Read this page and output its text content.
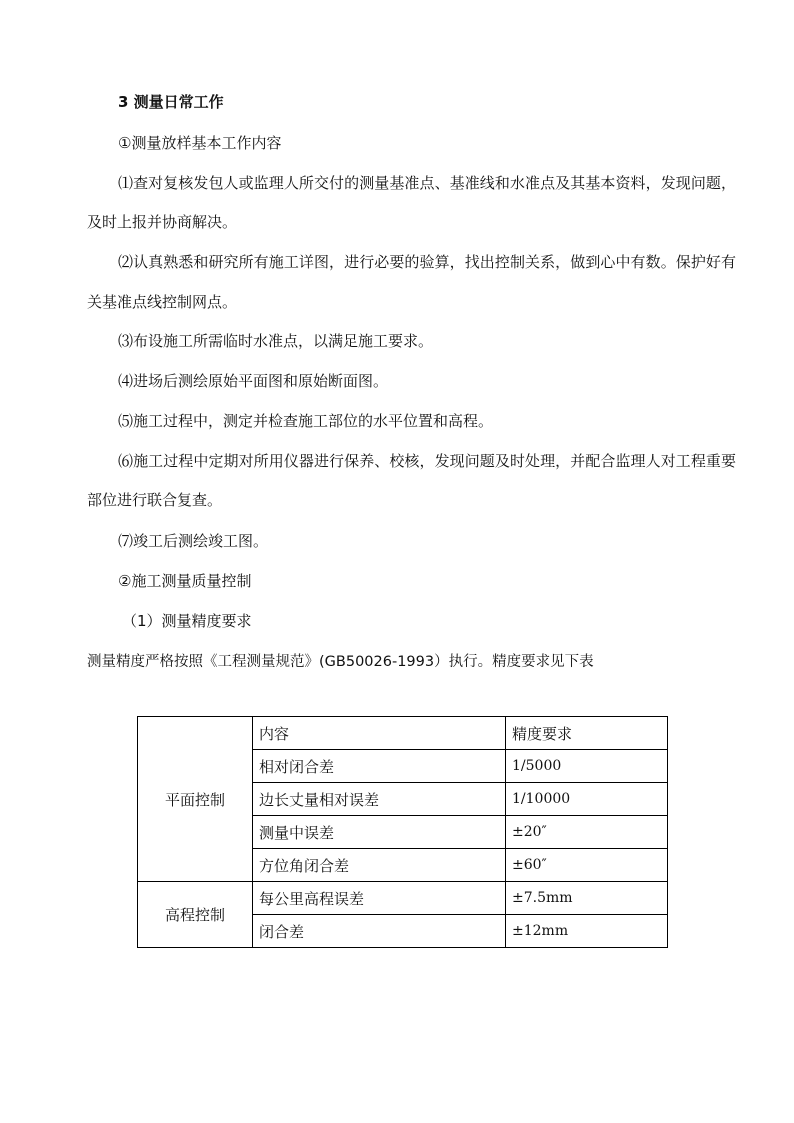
3 测量日常工作
①测量放样基本工作内容
⑴查对复核发包人或监理人所交付的测量基准点、基准线和水准点及其基本资料，发现问题，
及时上报并协商解决。
⑵认真熟悉和研究所有施工详图，进行必要的验算，找出控制关系，做到心中有数。保护好有
关基准点线控制网点。
⑶布设施工所需临时水准点，以满足施工要求。
⑷进场后测绘原始平面图和原始断面图。
⑸施工过程中，测定并检查施工部位的水平位置和高程。
⑹施工过程中定期对所用仪器进行保养、校核，发现问题及时处理，并配合监理人对工程重要
部位进行联合复查。
⑺竣工后测绘竣工图。
②施工测量质量控制
（1）测量精度要求
测量精度严格按照《工程测量规范》(GB50026-1993）执行。精度要求见下表
平面控制	内容	精度要求
	相对闭合差	1/5000
	边长丈量相对误差	1/10000
	测量中误差	±20″
	方位角闭合差	±60″
高程控制	每公里高程误差	±7.5mm
	闭合差	±12mm
